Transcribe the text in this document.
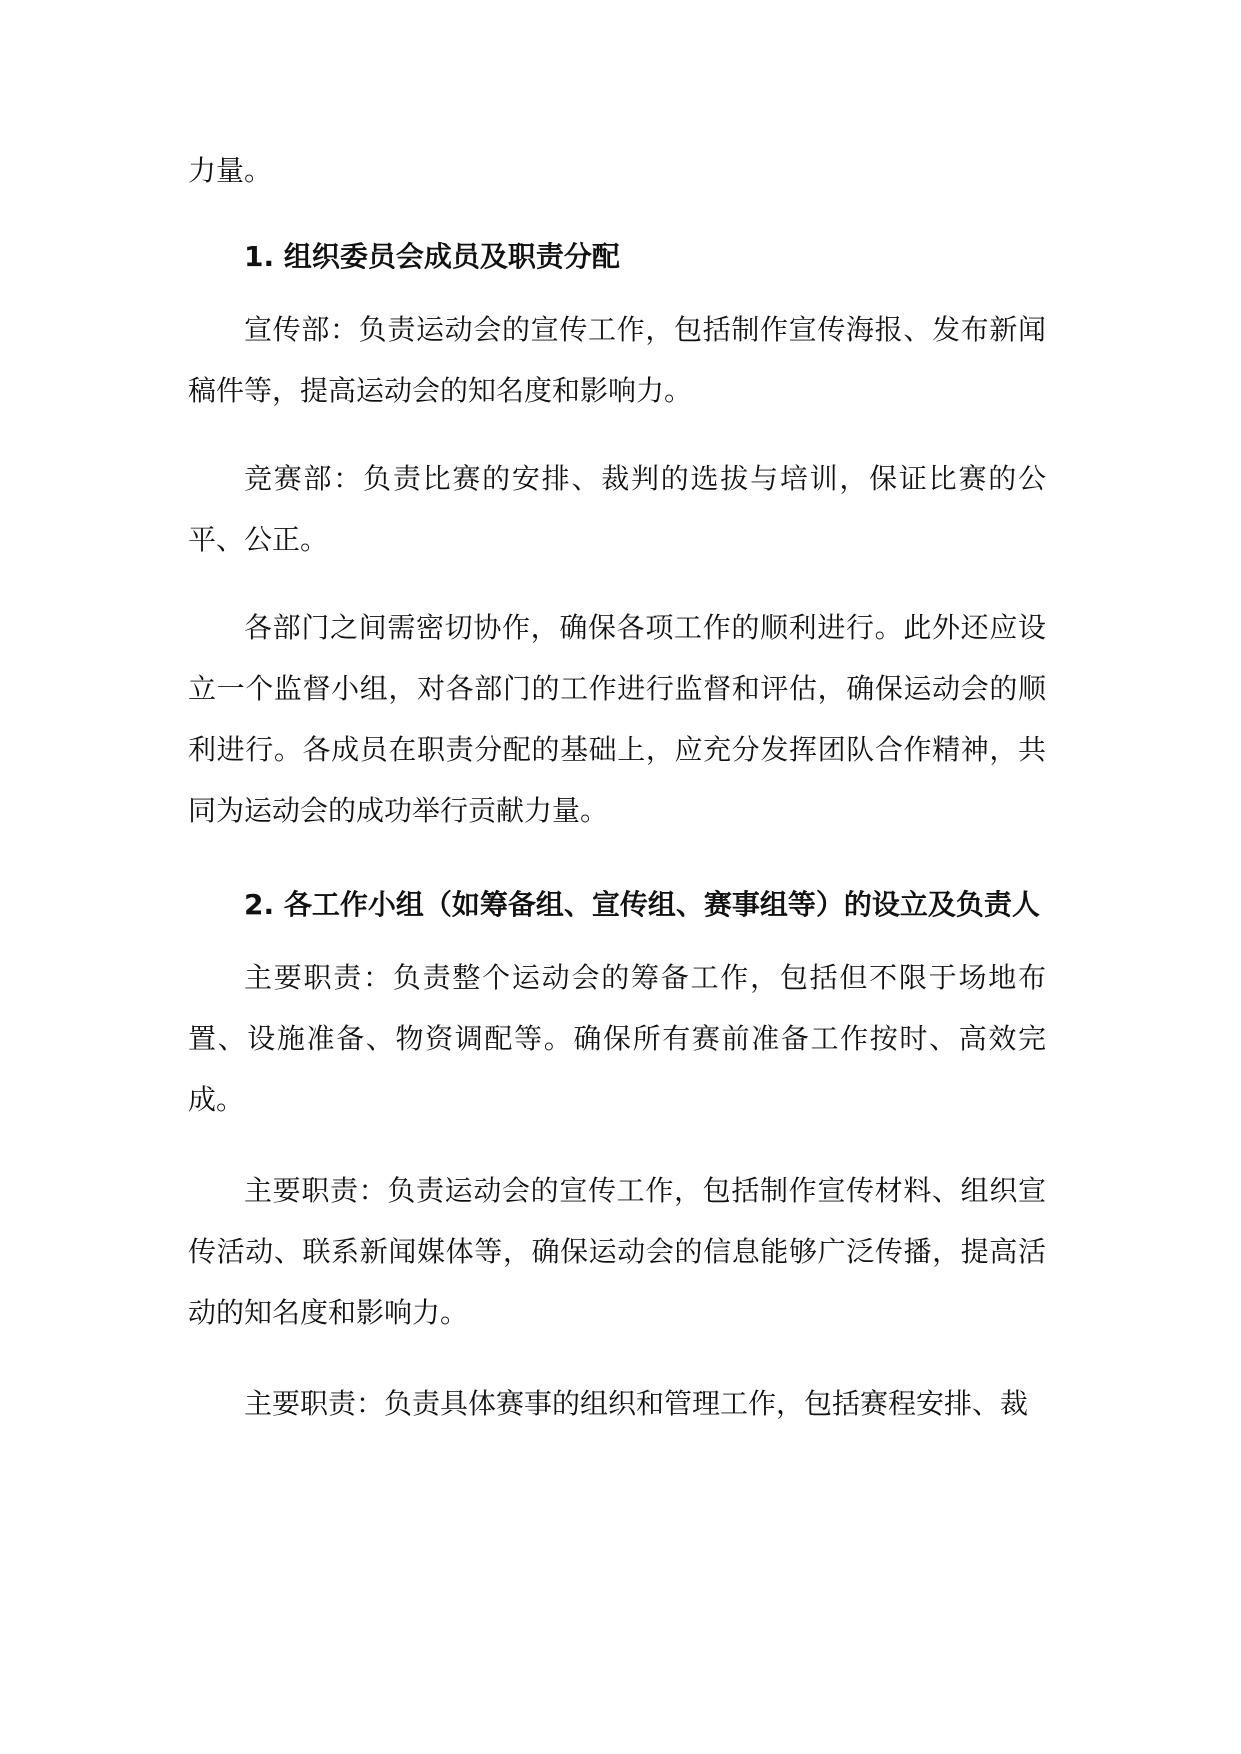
力量。

1. 组织委员会成员及职责分配

宣传部：负责运动会的宣传工作，包括制作宣传海报、发布新闻稿件等，提高运动会的知名度和影响力。

竞赛部：负责比赛的安排、裁判的选拔与培训，保证比赛的公平、公正。

各部门之间需密切协作，确保各项工作的顺利进行。此外还应设立一个监督小组，对各部门的工作进行监督和评估，确保运动会的顺利进行。各成员在职责分配的基础上，应充分发挥团队合作精神，共同为运动会的成功举行贡献力量。

2. 各工作小组（如筹备组、宣传组、赛事组等）的设立及负责人

主要职责：负责整个运动会的筹备工作，包括但不限于场地布置、设施准备、物资调配等。确保所有赛前准备工作按时、高效完成。

主要职责：负责运动会的宣传工作，包括制作宣传材料、组织宣传活动、联系新闻媒体等，确保运动会的信息能够广泛传播，提高活动的知名度和影响力。

主要职责：负责具体赛事的组织和管理工作，包括赛程安排、裁
